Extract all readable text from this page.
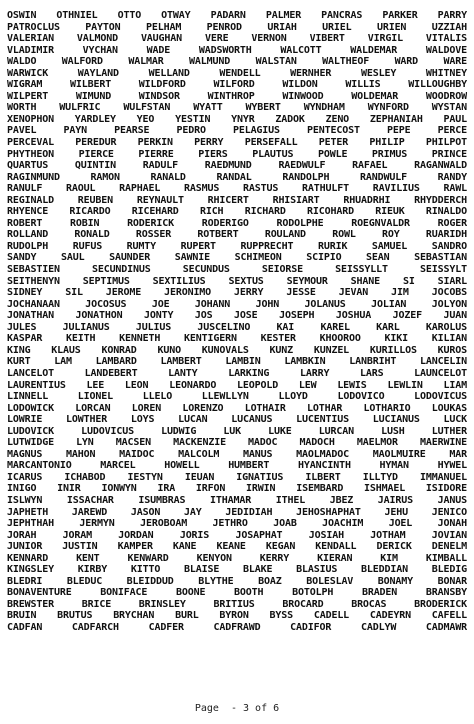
OSWIN OTHNIEL OTTO OTWAY PADARN PALMER PANCRAS PARKER PARRY
PATROCLUS PAYTON PELHAM PENROD URIAH URIEL URIEN UZZIAH
VALERIAN VALMOND VAUGHAN VERE VERNON VIBERT VIRGIL VITALIS
VLADIMIR VYCHAN WADE WADSWORTH WALCOTT WALDEMAR WALDOVE
WALDO WALFORD WALMAR WALMUND WALSTAN WALTHEOF WARD WARE
WARWICK WAYLAND WELLAND WENDELL WERNHER WESLEY WHITNEY
WIGRAM WILBERT WILDFORD WILFORD WILDON WILLIS WILLOUGHBY
WILPERT WIMUND WINDSOR WINTHROP WINWOOD WOLDEMAR WOODROW
WORTH WULFRIC WULFSTAN WYATT WYBERT WYNDHAM WYNFORD WYSTAN
XENOPHON YARDLEY YEO YESTIN YNYR ZADOK ZENO ZEPHANIAH PAUL
PAVEL PAYN PEARSE PEDRO PELAGIUS PENTECOST PEPE PERCE
PERCEVAL PEREDUR PERKIN PERRY PERSEFALL PETER PHILIP PHILPOT
PHYTHEON PIERCE PIERRE PIERS PLAUTUS POWLE PRIMUS PRINCE
QUARTUS QUINTIN RADULF RAEDMUND RAEDWULF RAFAEL RAGANWALD
RAGINMUND RAMON RANALD RANDAL RANDOLPH RANDWULF RANDY
RANULF RAOUL RAPHAEL RASMUS RASTUS RATHULFT RAVILIUS RAWL
REGINALD REUBEN REYNAULT RHICERT RHISIART RHUADRHI RHYDDERCH
RHYENCE RICARDO RICEHARD RICH RICHARD RICOHARD RIEUK RINALDO
ROBERT ROBIN RODERICK RODERIGO RODOLPHE ROEGNVALDR ROGER
ROLLAND RONALD ROSSER ROTBERT ROULAND ROWL ROY RUARIDH
RUDOLPH RUFUS RUMTY RUPERT RUPPRECHT RURIK SAMUEL SANDRO
SANDY SAUL SAUNDER SAWNIE SCHIMEON SCIPIO SEAN SEBASTIAN
SEBASTIEN SECUNDINUS SECUNDUS SEIORSE SEISSYLLT SEISSYLT
SEITHENYN SEPTIMUS SEXTILIUS SEXTUS SEYMOUR SHANE SI SIARL
SIDNEY SIL JEROME JERONIMO JERRY JESSE JEVAN JIM JOCOBS
JOCHANAAN JOCOSUS JOE JOHANN JOHN JOLANUS JOLIAN JOLYON
JONATHAN JONATHON JONTY JOS JOSE JOSEPH JOSHUA JOZEF JUAN
JULES JULIANUS JULIUS JUSCELINO KAI KAREL KARL KAROLUS
KASPAR KEITH KENNETH KENTIGERN KESTER KHOOROO KIKI KILIAN
KING KLAUS KONRAD KUNO KUNOVALS KUNZ KUNZEL KURILLOS KUROS
KURT LAM LAMBARD LAMBERT LAMBIN LAMBKIN LANBRIHT LANCELIN
LANCELOT LANDEBERT LANTY LARKING LARRY LARS LAUNCELOT
LAURENTIUS LEE LEON LEONARDO LEOPOLD LEW LEWIS LEWLIN LIAM
LINNELL LIONEL LLELO LLEWLLYN LLOYD LODOVICO LODOVICUS
LODOWICK LORCAN LOREN LORENZO LOTHAIR LOTHAR LOTHARIO LOUKAS
LOWRIE LOWTHER LOYS LUCAN LUCANUS LUCENTIUS LUCIANUS LUCK
LUDOVICK LUDOVICUS LUDWIG LUK LUKE LURCAN LUSH LUTHER
LUTWIDGE LYN MACSEN MACKENZIE MADOC MADOCH MAELMOR MAERWINE
MAGNUS MAHON MAIDOC MALCOLM MANUS MAOLMADOC MAOLMUIRE MAR
MARCANTONIO MARCEL HOWELL HUMBERT HYANCINTH HYMAN HYWEL
ICARUS ICHABOD IESTYN IEUAN IGNATIUS ILBERT ILLTYD IMMANUEL
INIGO INIR IONWYN IRA IRFON IRWIN ISEMBARD ISHMAEL ISIDORE
ISLWYN ISSACHAR ISUMBRAS ITHAMAR ITHEL JBEZ JAIRUS JANUS
JAPHETH JAREWD JASON JAY JEDIDIAH JEHOSHAPHAT JEHU JENICO
JEPHTHAH JERMYN JEROBOAM JETHRO JOAB JOACHIM JOEL JONAH
JORAH JORAM JORDAN JORIS JOSAPHAT JOSIAH JOTHAM JOVIAN
JUNIOR JUSTIN KAMPER KANE KEANE KEGAN KENDALL DERICK DENELM
KENNARD KENT KENWARD KENYON KERRY KIERAN KIM KIMBALL
KINGSLEY KIRBY KITTO BLAISE BLAKE BLASIUS BLEDDIAN BLEDIG
BLEDRI BLEDUC BLEIDDUD BLYTHE BOAZ BOLESLAV BONAMY BONAR
BONAVENTURE BONIFACE BOONE BOOTH BOTOLPH BRADEN BRANSBY
BREWSTER BRICE BRINSLEY BRITIUS BROCARD BROCAS BRODERICK
BRUIN BRUTUS BRYCHAN BURL BYRON BYSS CADELL CADEYRN CAFELL
CADFAN CADFARCH CADFER CADFRAWD CADIFOR CADLYW CADMAWR
Page  - 3 of 6
